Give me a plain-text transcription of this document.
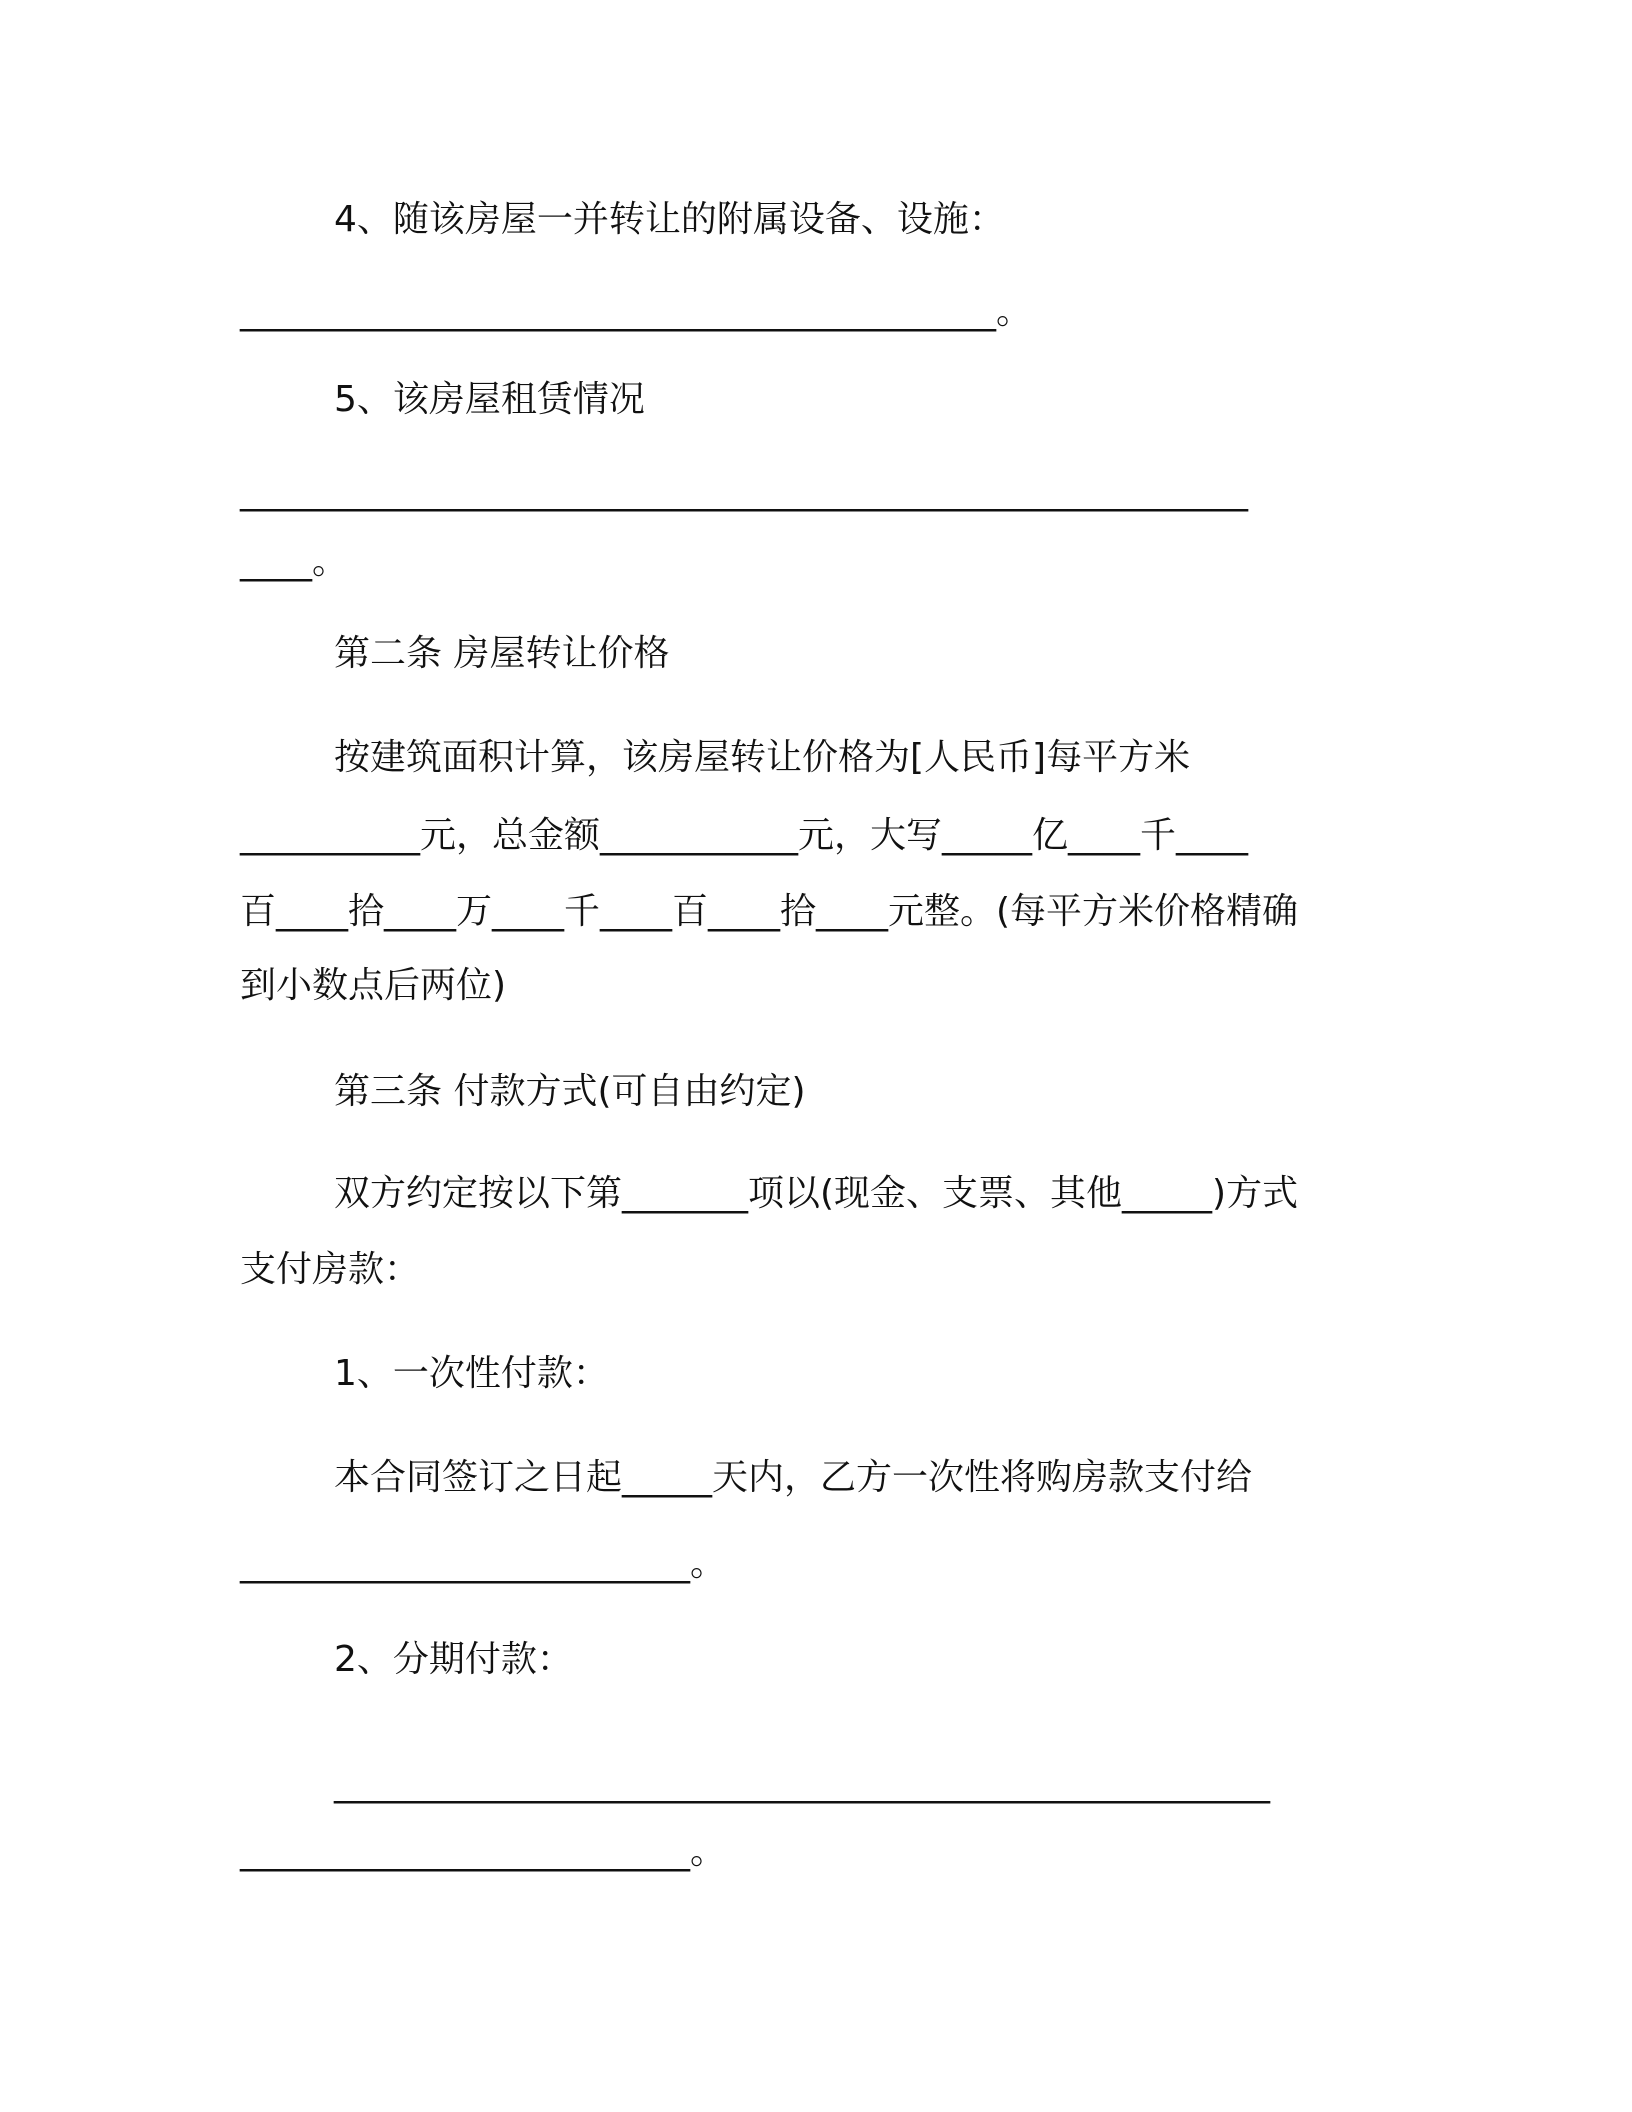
4、随该房屋一并转让的附属设备、设施：
__________________________________________。
5、该房屋租赁情况
________________________________________________________
____。
第二条 房屋转让价格
按建筑面积计算，该房屋转让价格为[人民币]每平方米
__________元，总金额___________元，大写_____亿____千____
百____拾____万____千____百____拾____元整。(每平方米价格精确
到小数点后两位)
第三条 付款方式(可自由约定)
双方约定按以下第_______项以(现金、支票、其他_____)方式
支付房款：
1、一次性付款：
本合同签订之日起_____天内，乙方一次性将购房款支付给
_________________________。
2、分期付款：
____________________________________________________
_________________________。
